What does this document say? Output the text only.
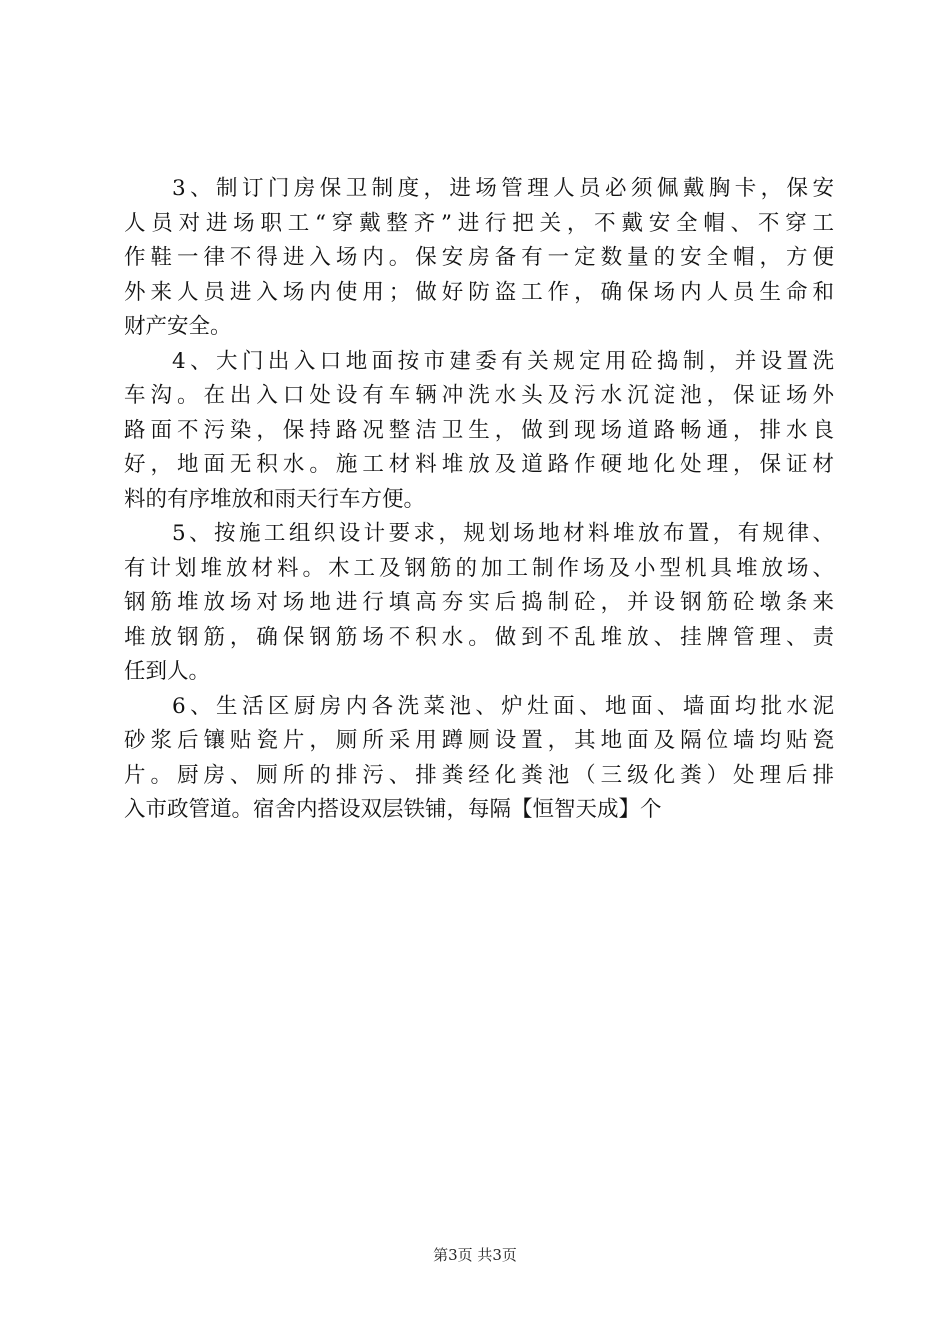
3、制订门房保卫制度，进场管理人员必须佩戴胸卡，保安
人员对进场职工“穿戴整齐”进行把关，不戴安全帽、不穿工
作鞋一律不得进入场内。保安房备有一定数量的安全帽，方便
外来人员进入场内使用；做好防盗工作，确保场内人员生命和
财产安全。
4、大门出入口地面按市建委有关规定用砼捣制，并设置洗
车沟。在出入口处设有车辆冲洗水头及污水沉淀池，保证场外
路面不污染，保持路况整洁卫生，做到现场道路畅通，排水良
好，地面无积水。施工材料堆放及道路作硬地化处理，保证材
料的有序堆放和雨天行车方便。
5、按施工组织设计要求，规划场地材料堆放布置，有规律、
有计划堆放材料。木工及钢筋的加工制作场及小型机具堆放场、
钢筋堆放场对场地进行填高夯实后捣制砼，并设钢筋砼墩条来
堆放钢筋，确保钢筋场不积水。做到不乱堆放、挂牌管理、责
任到人。
6、生活区厨房内各洗菜池、炉灶面、地面、墙面均批水泥
砂浆后镶贴瓷片，厕所采用蹲厕设置，其地面及隔位墙均贴瓷
片。厨房、厕所的排污、排粪经化粪池（三级化粪）处理后排
入市政管道。宿舍内搭设双层铁铺，每隔【恒智天成】个
第3页 共3页
